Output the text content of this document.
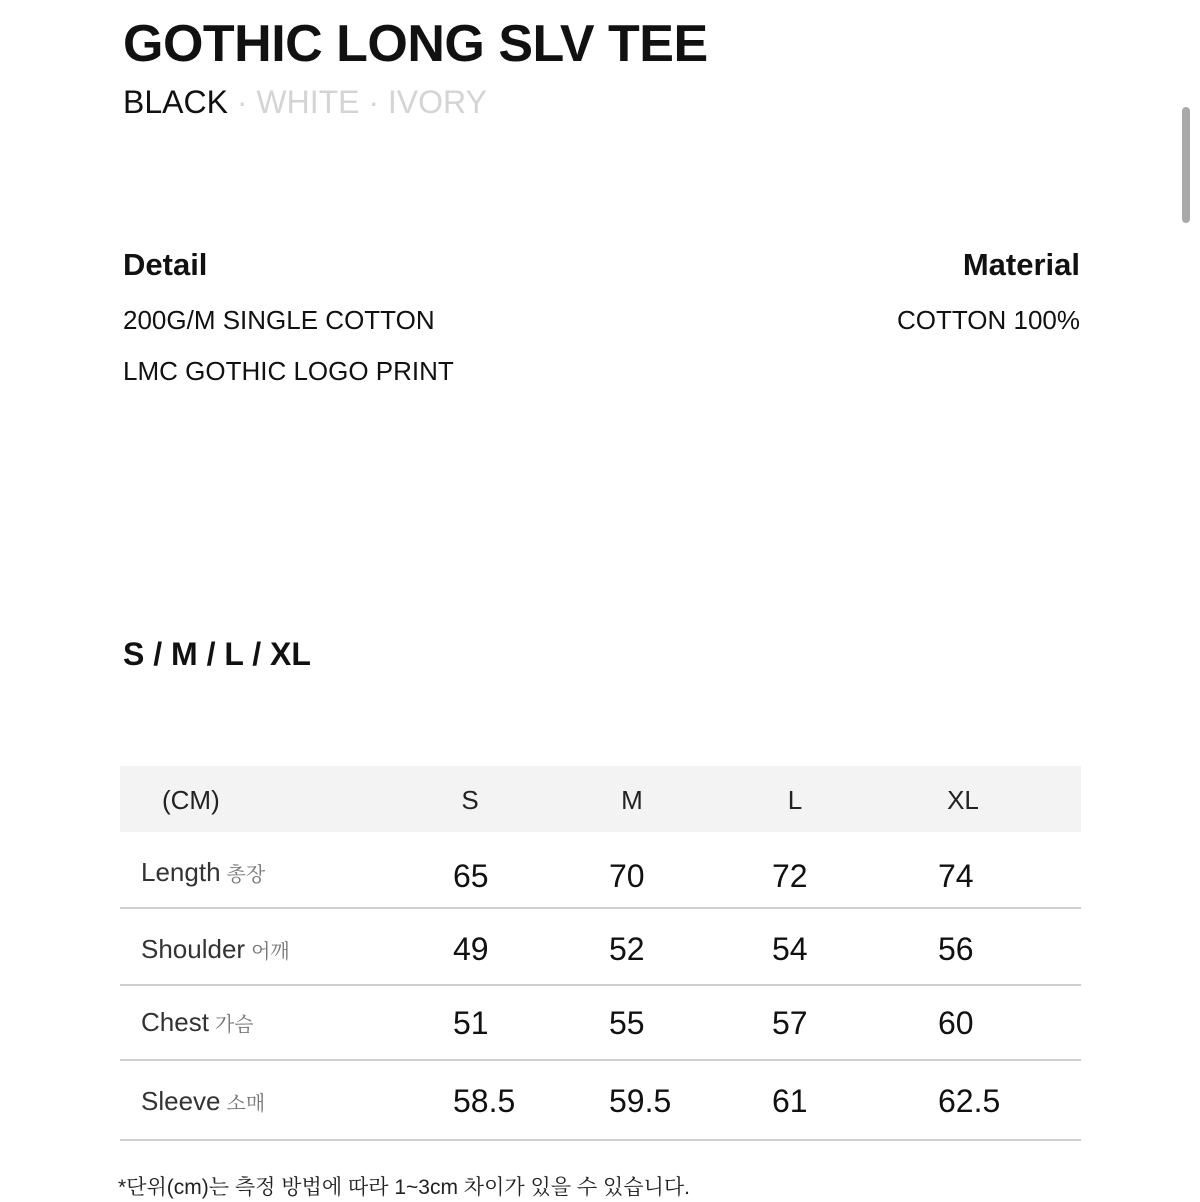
GOTHIC LONG SLV TEE
BLACK · WHITE · IVORY
Detail
200G/M SINGLE COTTON
LMC GOTHIC LOGO PRINT
Material
COTTON 100%
S / M / L / XL
(CM)	S	M	L	XL
Length 총장	65	70	72	74
Shoulder 어깨	49	52	54	56
Chest 가슴	51	55	57	60
Sleeve 소매	58.5	59.5	61	62.5
*단위(cm)는 측정 방법에 따라 1~3cm 차이가 있을 수 있습니다.
